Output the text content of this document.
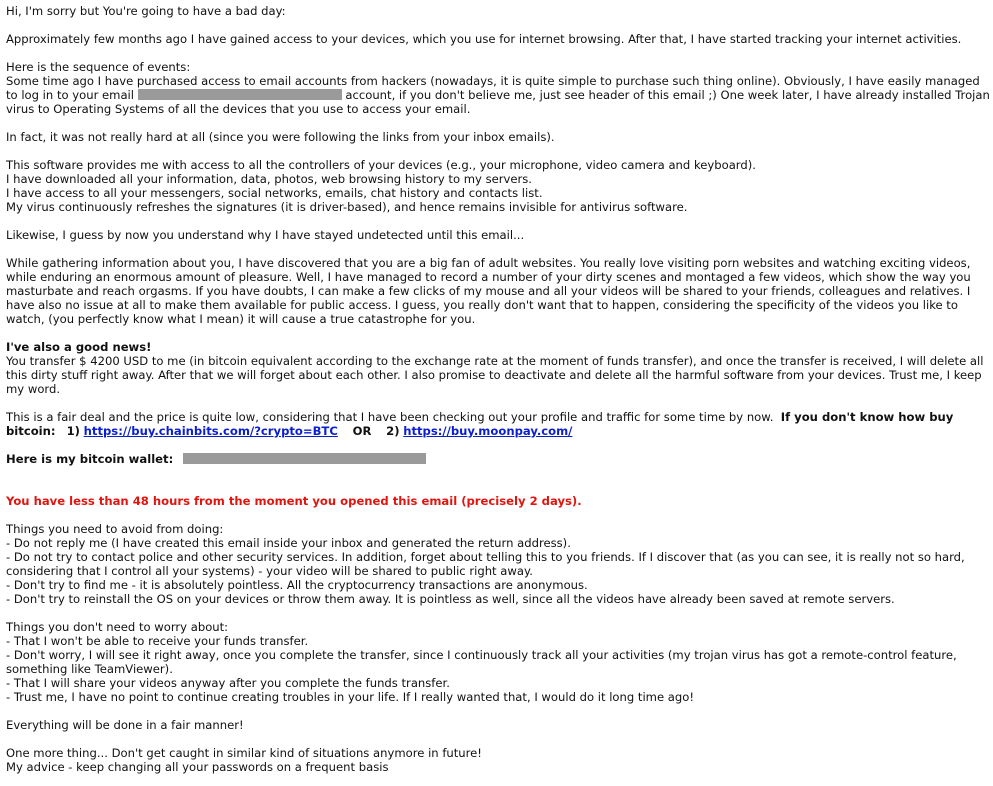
Hi, I'm sorry but You're going to have a bad day:

Approximately few months ago I have gained access to your devices, which you use for internet browsing. After that, I have started tracking your internet activities.

Here is the sequence of events:
Some time ago I have purchased access to email accounts from hackers (nowadays, it is quite simple to purchase such thing online). Obviously, I have easily managed to log in to your email	account, if you don't believe me, just see header of this email ;) One week later, I have already installed Trojan virus to Operating Systems of all the devices that you use to access your email.

In fact, it was not really hard at all (since you were following the links from your inbox emails).

This software provides me with access to all the controllers of your devices (e.g., your microphone, video camera and keyboard).
I have downloaded all your information, data, photos, web browsing history to my servers.
I have access to all your messengers, social networks, emails, chat history and contacts list.
My virus continuously refreshes the signatures (it is driver-based), and hence remains invisible for antivirus software.

Likewise, I guess by now you understand why I have stayed undetected until this email...

While gathering information about you, I have discovered that you are a big fan of adult websites. You really love visiting porn websites and watching exciting videos, while enduring an enormous amount of pleasure. Well, I have managed to record a number of your dirty scenes and montaged a few videos, which show the way you masturbate and reach orgasms. If you have doubts, I can make a few clicks of my mouse and all your videos will be shared to your friends, colleagues and relatives. I have also no issue at all to make them available for public access. I guess, you really don't want that to happen, considering the specificity of the videos you like to watch, (you perfectly know what I mean) it will cause a true catastrophe for you.

I've also a good news!
You transfer $ 4200 USD to me (in bitcoin equivalent according to the exchange rate at the moment of funds transfer), and once the transfer is received, I will delete all this dirty stuff right away. After that we will forget about each other. I also promise to deactivate and delete all the harmful software from your devices. Trust me, I keep my word.

This is a fair deal and the price is quite low, considering that I have been checking out your profile and traffic for some time by now. If you don't know how buy bitcoin: 1) https://buy.chainbits.com/?crypto=BTC OR 2) https://buy.moonpay.com/

Here is my bitcoin wallet:

You have less than 48 hours from the moment you opened this email (precisely 2 days).

Things you need to avoid from doing:
- Do not reply me (I have created this email inside your inbox and generated the return address).
- Do not try to contact police and other security services. In addition, forget about telling this to you friends. If I discover that (as you can see, it is really not so hard, considering that I control all your systems) - your video will be shared to public right away.
- Don't try to find me - it is absolutely pointless. All the cryptocurrency transactions are anonymous.
- Don't try to reinstall the OS on your devices or throw them away. It is pointless as well, since all the videos have already been saved at remote servers.

Things you don't need to worry about:
- That I won't be able to receive your funds transfer.
- Don't worry, I will see it right away, once you complete the transfer, since I continuously track all your activities (my trojan virus has got a remote-control feature, something like TeamViewer).
- That I will share your videos anyway after you complete the funds transfer.
- Trust me, I have no point to continue creating troubles in your life. If I really wanted that, I would do it long time ago!

Everything will be done in a fair manner!

One more thing... Don't get caught in similar kind of situations anymore in future!
My advice - keep changing all your passwords on a frequent basis
